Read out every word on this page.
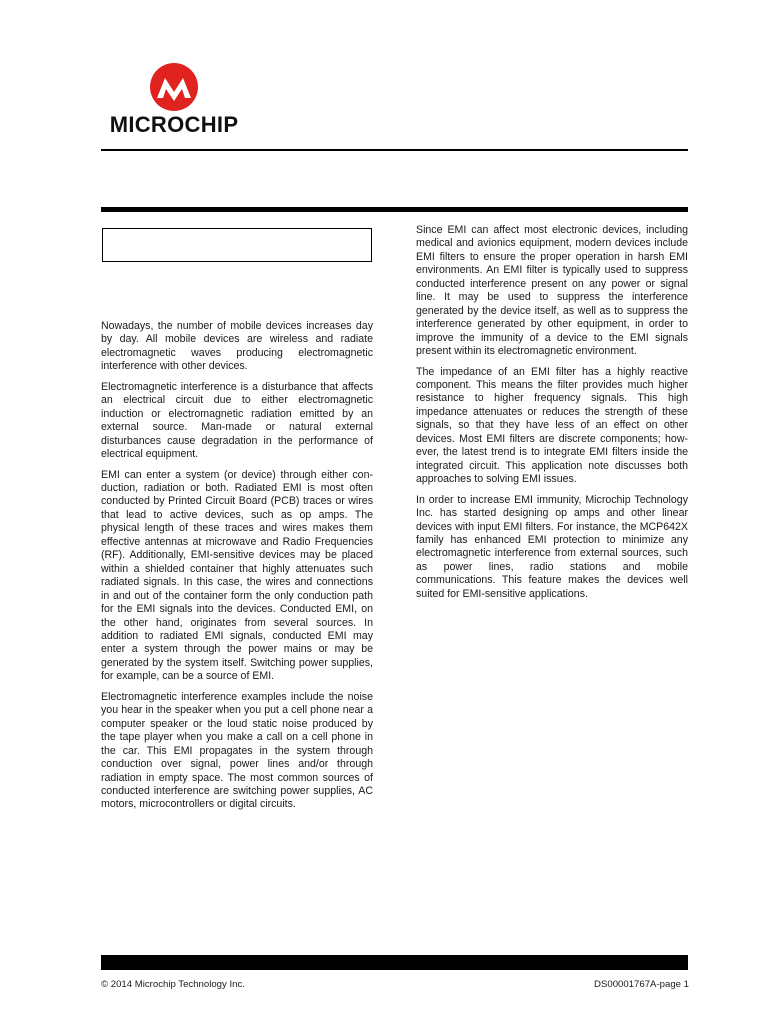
MICROCHIP

Nowadays, the number of mobile devices increases day by day. All mobile devices are wireless and radiate electromagnetic waves producing electromagnetic interference with other devices.

Electromagnetic interference is a disturbance that affects an electrical circuit due to either electromagnetic induction or electromagnetic radiation emitted by an external source. Man-made or natural external disturbances cause degradation in the performance of electrical equipment.

EMI can enter a system (or device) through either conduction, radiation or both. Radiated EMI is most often conducted by Printed Circuit Board (PCB) traces or wires that lead to active devices, such as op amps. The physical length of these traces and wires makes them effective antennas at microwave and Radio Frequencies (RF). Additionally, EMI-sensitive devices may be placed within a shielded container that highly attenuates such radiated signals. In this case, the wires and connections in and out of the container form the only conduction path for the EMI signals into the devices. Conducted EMI, on the other hand, originates from several sources. In addition to radiated EMI signals, conducted EMI may enter a system through the power mains or may be generated by the system itself. Switching power supplies, for example, can be a source of EMI.

Electromagnetic interference examples include the noise you hear in the speaker when you put a cell phone near a computer speaker or the loud static noise produced by the tape player when you make a call on a cell phone in the car. This EMI propagates in the system through conduction over signal, power lines and/or through radiation in empty space. The most common sources of conducted interference are switching power supplies, AC motors, microcontrollers or digital circuits.

Since EMI can affect most electronic devices, including medical and avionics equipment, modern devices include EMI filters to ensure the proper operation in harsh EMI environments. An EMI filter is typically used to suppress conducted interference present on any power or signal line. It may be used to suppress the interference generated by the device itself, as well as to suppress the interference generated by other equipment, in order to improve the immunity of a device to the EMI signals present within its electromagnetic environment.

The impedance of an EMI filter has a highly reactive component. This means the filter provides much higher resistance to higher frequency signals. This high impedance attenuates or reduces the strength of these signals, so that they have less of an effect on other devices. Most EMI filters are discrete components; however, the latest trend is to integrate EMI filters inside the integrated circuit. This application note discusses both approaches to solving EMI issues.

In order to increase EMI immunity, Microchip Technology Inc. has started designing op amps and other linear devices with input EMI filters. For instance, the MCP642X family has enhanced EMI protection to minimize any electromagnetic interference from external sources, such as power lines, radio stations and mobile communications. This feature makes the devices well suited for EMI-sensitive applications.

© 2014 Microchip Technology Inc.	DS00001767A-page 1
